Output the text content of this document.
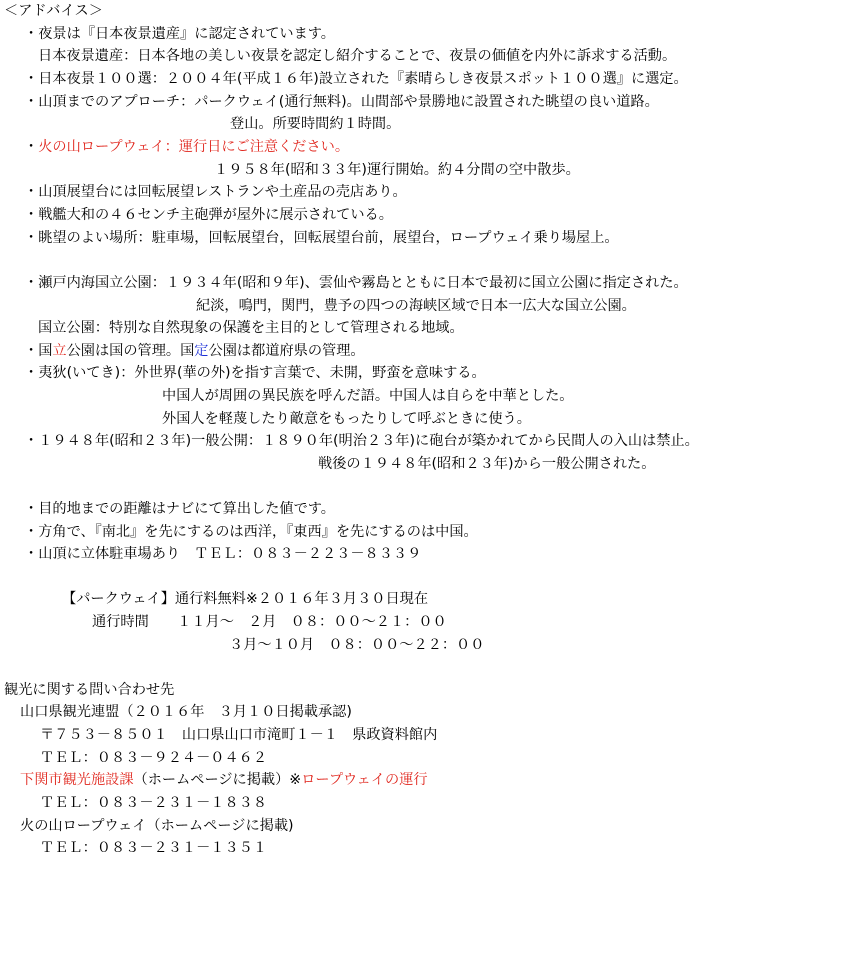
＜アドバイス＞

・夜景は『日本夜景遺産』に認定されています。

日本夜景遺産：日本各地の美しい夜景を認定し紹介することで、夜景の価値を内外に訴求する活動。

・日本夜景１００選：２００４年(平成１６年)設立された『素晴らしき夜景スポット１００選』に選定。

・山頂までのアプローチ：パークウェイ(通行無料)。山間部や景勝地に設置された眺望の良い道路。

登山。所要時間約１時間。

・火の山ロープウェイ：運行日にご注意ください。

１９５８年(昭和３３年)運行開始。約４分間の空中散歩。

・山頂展望台には回転展望レストランや土産品の売店あり。

・戦艦大和の４６センチ主砲弾が屋外に展示されている。

・眺望のよい場所：駐車場，回転展望台，回転展望台前，展望台，ロープウェイ乗り場屋上。

・瀬戸内海国立公園：１９３４年(昭和９年)、雲仙や霧島とともに日本で最初に国立公園に指定された。

紀淡，鳴門，関門，豊予の四つの海峡区域で日本一広大な国立公園。

国立公園：特別な自然現象の保護を主目的として管理される地域。

・国立公園は国の管理。国定公園は都道府県の管理。

・夷狄(いてき)：外世界(華の外)を指す言葉で、未開，野蛮を意味する。

中国人が周囲の異民族を呼んだ語。中国人は自らを中華とした。

外国人を軽蔑したり敵意をもったりして呼ぶときに使う。

・１９４８年(昭和２３年)一般公開：１８９０年(明治２３年)に砲台が築かれてから民間人の入山は禁止。

戦後の１９４８年(昭和２３年)から一般公開された。

・目的地までの距離はナビにて算出した値です。

・方角で、『南北』を先にするのは西洋，『東西』を先にするのは中国。

・山頂に立体駐車場あり　ＴＥＬ：０８３－２２３－８３３９

【パークウェイ】通行料無料※２０１６年３月３０日現在

通行時間　　１１月～　２月　０８：００～２１：００

３月～１０月　０８：００～２２：００

観光に関する問い合わせ先

山口県観光連盟（２０１６年　３月１０日掲載承認)

〒７５３－８５０１　山口県山口市滝町１－１　県政資料館内

ＴＥＬ：０８３－９２４－０４６２

下関市観光施設課（ホームページに掲載）※ロープウェイの運行

ＴＥＬ：０８３－２３１－１８３８

火の山ロープウェイ（ホームページに掲載)

ＴＥＬ：０８３－２３１－１３５１
